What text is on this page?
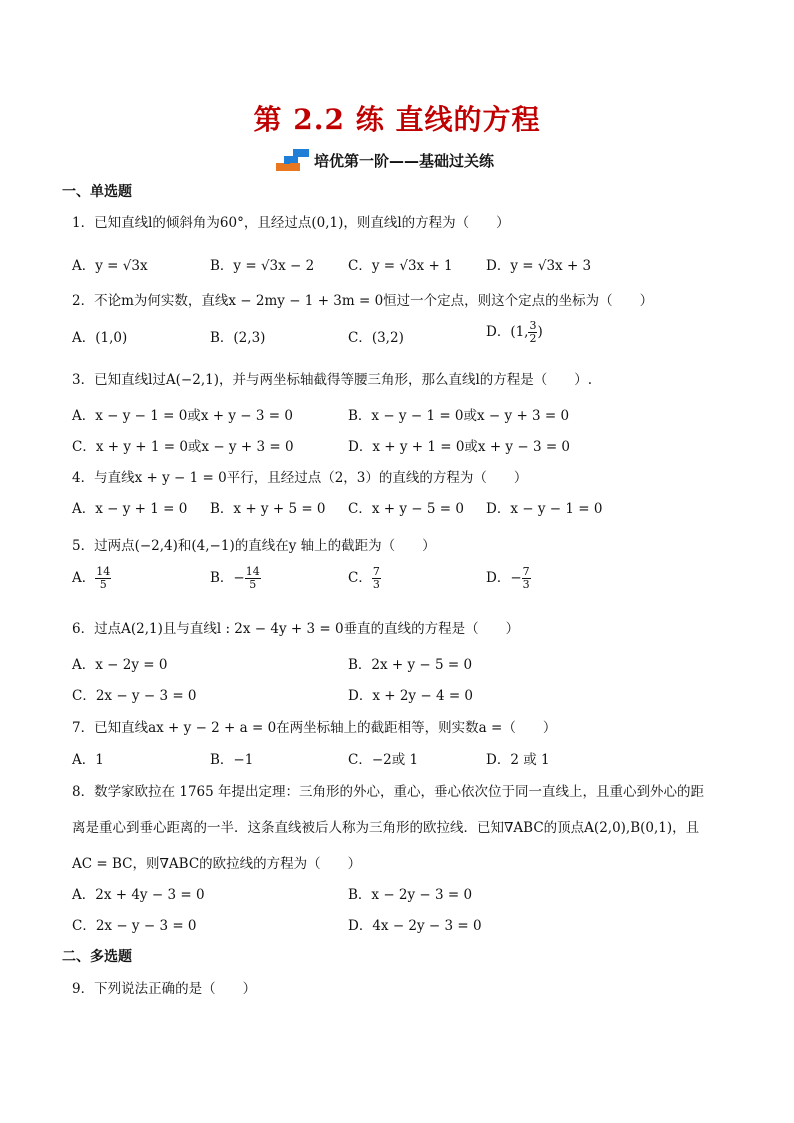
第 2.2 练 直线的方程
培优第一阶——基础过关练
一、单选题
1．已知直线l的倾斜角为60°，且经过点(0,1)，则直线l的方程为（　　）
A．y = √3x	B．y = √3x − 2	C．y = √3x + 1 D．y = √3x + 3
2．不论m为何实数，直线x − 2my − 1 + 3m = 0恒过一个定点，则这个定点的坐标为（　　）
A．(1,0)	B．(2,3)	C．(3,2)	D．(1, $\frac{3}{2}$ )
3．已知直线l过A(−2,1)，并与两坐标轴截得等腰三角形，那么直线l的方程是（　　）.
A．x − y − 1 = 0或x + y − 3 = 0	B．x − y − 1 = 0或x − y + 3 = 0
C．x + y + 1 = 0或x − y + 3 = 0	D．x + y + 1 = 0或x + y − 3 = 0
4．与直线x + y − 1 = 0平行，且经过点（2，3）的直线的方程为（　　）
A．x − y + 1 = 0 B．x + y + 5 = 0 C．x + y − 5 = 0 D．x − y − 1 = 0
5．过两点(−2,4)和(4,−1)的直线在y 轴上的截距为（　　）
A． $\frac{14}{5}$	B．− $\frac{14}{5}$	C． $\frac{7}{3}$	D．− $\frac{7}{3}$
6．过点A(2,1)且与直线l : 2x − 4y + 3 = 0垂直的直线的方程是（　　）
A．x − 2y = 0	B．2x + y − 5 = 0
C．2x − y − 3 = 0	D．x + 2y − 4 = 0
7．已知直线ax + y − 2 + a = 0在两坐标轴上的截距相等，则实数a =（　　）
A．1	B．−1	C．−2或 1	D．2 或 1
8．数学家欧拉在 1765 年提出定理：三角形的外心，重心，垂心依次位于同一直线上，且重心到外心的距
离是重心到垂心距离的一半．这条直线被后人称为三角形的欧拉线．已知∇ABC的顶点A(2,0),B(0,1)，且
AC = BC，则∇ABC的欧拉线的方程为（　　）
A．2x + 4y − 3 = 0	B．x − 2y − 3 = 0
C．2x − y − 3 = 0	D．4x − 2y − 3 = 0
二、多选题
9．下列说法正确的是（　　）
